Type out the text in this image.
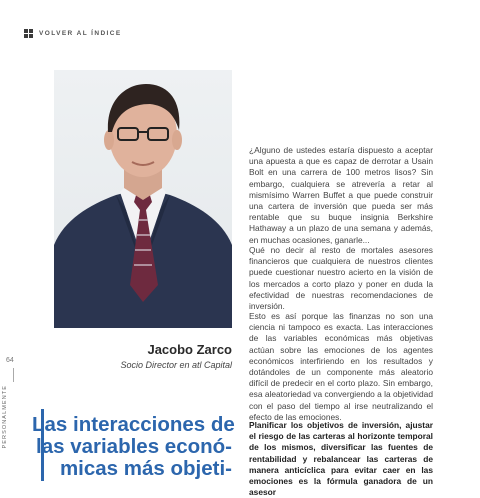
VOLVER AL ÍNDICE
Jacobo Zarco
Socio Director en atl Capital
64
PERSONALMENTE Las interacciones de
las variables econó-
micas más objeti-
¿Alguno de ustedes estaría dispuesto a aceptar una apuesta a que es capaz de derrotar a Usain Bolt en una carrera de 100 metros lisos? Sin embargo, cualquiera se atrevería a retar al mismísimo Warren Buffet a que puede construir una cartera de inversión que pueda ser más rentable que su buque insignia Berkshire Hathaway a un plazo de una semana y además, en muchas ocasiones, ganarle...
Qué no decir al resto de mortales asesores financieros que cualquiera de nuestros clientes puede cuestionar nuestro acierto en la visión de los mercados a corto plazo y poner en duda la efectividad de nuestras recomendaciones de inversión.
Esto es así porque las finanzas no son una ciencia ni tampoco es exacta. Las interacciones de las variables económicas más objetivas actúan sobre las emociones de los agentes económicos interfiriendo en los resultados y dotándoles de un componente más aleatorio difícil de predecir en el corto plazo. Sin embargo, esa aleatoriedad va convergiendo a la objetividad con el paso del tiempo al irse neutralizando el efecto de las emociones.
Planificar los objetivos de inversión, ajustar el riesgo de las carteras al horizonte temporal de los mismos, diversificar las fuentes de rentabilidad y rebalancear las carteras de manera anticíclica para evitar caer en las emociones es la fórmula ganadora de un asesor
